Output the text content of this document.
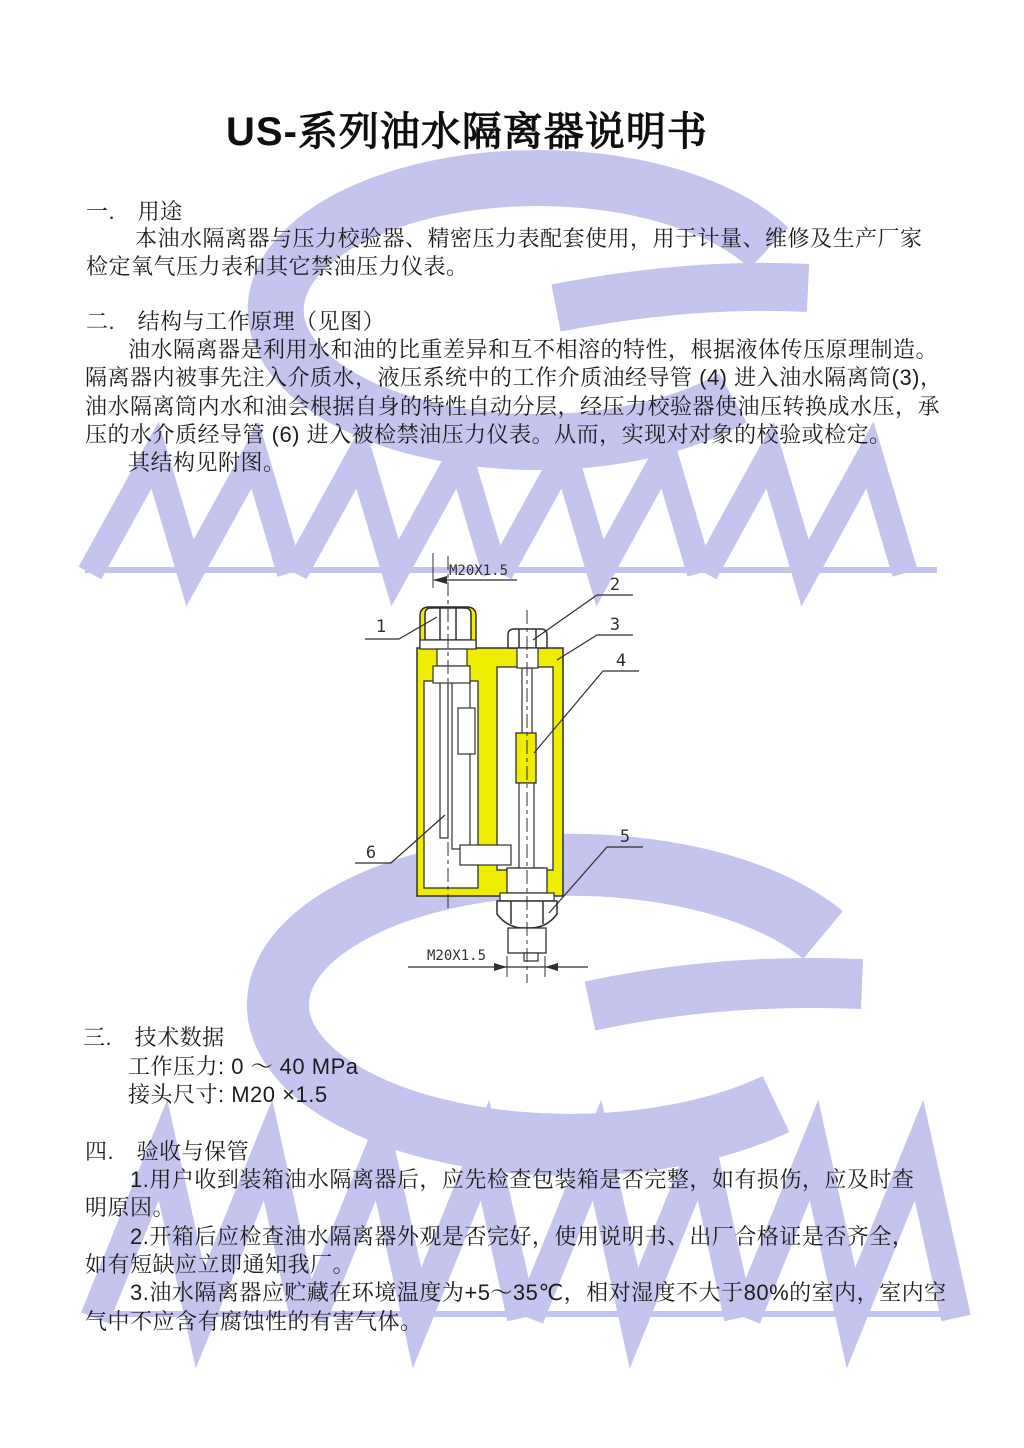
US-系列油水隔离器说明书
一.　用途
本油水隔离器与压力校验器、精密压力表配套使用，用于计量、维修及生产厂家
检定氧气压力表和其它禁油压力仪表。
二.　结构与工作原理（见图）
油水隔离器是利用水和油的比重差异和互不相溶的特性，根据液体传压原理制造。
隔离器内被事先注入介质水，液压系统中的工作介质油经导管 (4) 进入油水隔离筒(3)，
油水隔离筒内水和油会根据自身的特性自动分层，经压力校验器使油压转换成水压，承
压的水介质经导管 (6) 进入被检禁油压力仪表。从而，实现对对象的校验或检定。
其结构见附图。
三.　技术数据
工作压力: 0 ～ 40 MPa
接头尺寸: M20 ×1.5
四.　验收与保管
1.用户收到装箱油水隔离器后，应先检查包装箱是否完整，如有损伤，应及时查
明原因。
2.开箱后应检查油水隔离器外观是否完好，使用说明书、出厂合格证是否齐全，
如有短缺应立即通知我厂。
3.油水隔离器应贮藏在环境温度为+5～35℃，相对湿度不大于80%的室内，室内空
气中不应含有腐蚀性的有害气体。
M20X1.5
M20X1.5
1
2
3
4
5
6
